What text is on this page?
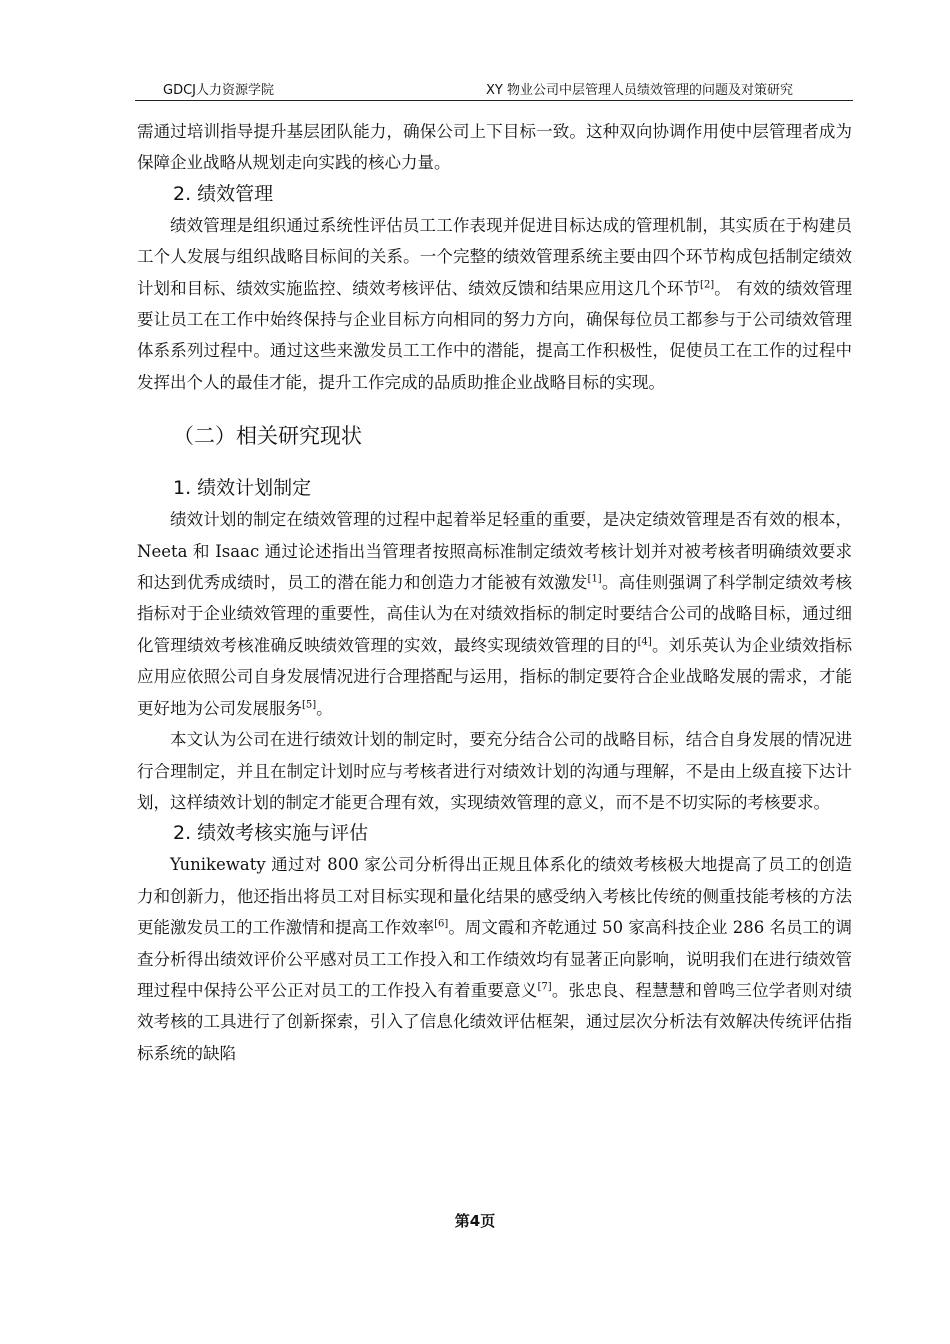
GDCJ人力资源学院	XY 物业公司中层管理人员绩效管理的问题及对策研究

需通过培训指导提升基层团队能力，确保公司上下目标一致。这种双向协调作用使中层管理者成为保障企业战略从规划走向实践的核心力量。

2. 绩效管理

绩效管理是组织通过系统性评估员工工作表现并促进目标达成的管理机制，其实质在于构建员工个人发展与组织战略目标间的关系。一个完整的绩效管理系统主要由四个环节构成包括制定绩效计划和目标、绩效实施监控、绩效考核评估、绩效反馈和结果应用这几个环节[2]。 有效的绩效管理要让员工在工作中始终保持与企业目标方向相同的努力方向，确保每位员工都参与于公司绩效管理体系系列过程中。通过这些来激发员工工作中的潜能，提高工作积极性，促使员工在工作的过程中发挥出个人的最佳才能，提升工作完成的品质助推企业战略目标的实现。

（二）相关研究现状
1. 绩效计划制定

绩效计划的制定在绩效管理的过程中起着举足轻重的重要，是决定绩效管理是否有效的根本，Neeta 和 Isaac 通过论述指出当管理者按照高标准制定绩效考核计划并对被考核者明确绩效要求和达到优秀成绩时，员工的潜在能力和创造力才能被有效激发[1]。高佳则强调了科学制定绩效考核指标对于企业绩效管理的重要性，高佳认为在对绩效指标的制定时要结合公司的战略目标，通过细化管理绩效考核准确反映绩效管理的实效，最终实现绩效管理的目的[4]。刘乐英认为企业绩效指标应用应依照公司自身发展情况进行合理搭配与运用，指标的制定要符合企业战略发展的需求，才能更好地为公司发展服务[5]。

本文认为公司在进行绩效计划的制定时，要充分结合公司的战略目标，结合自身发展的情况进行合理制定，并且在制定计划时应与考核者进行对绩效计划的沟通与理解，不是由上级直接下达计划，这样绩效计划的制定才能更合理有效，实现绩效管理的意义，而不是不切实际的考核要求。

2. 绩效考核实施与评估

Yunikewaty 通过对 800 家公司分析得出正规且体系化的绩效考核极大地提高了员工的创造力和创新力，他还指出将员工对目标实现和量化结果的感受纳入考核比传统的侧重技能考核的方法更能激发员工的工作激情和提高工作效率[6]。周文霞和齐乾通过 50 家高科技企业 286 名员工的调查分析得出绩效评价公平感对员工工作投入和工作绩效均有显著正向影响，说明我们在进行绩效管理过程中保持公平公正对员工的工作投入有着重要意义[7]。张忠良、程慧慧和曾鸣三位学者则对绩效考核的工具进行了创新探索，引入了信息化绩效评估框架，通过层次分析法有效解决传统评估指标系统的缺陷

第4页
